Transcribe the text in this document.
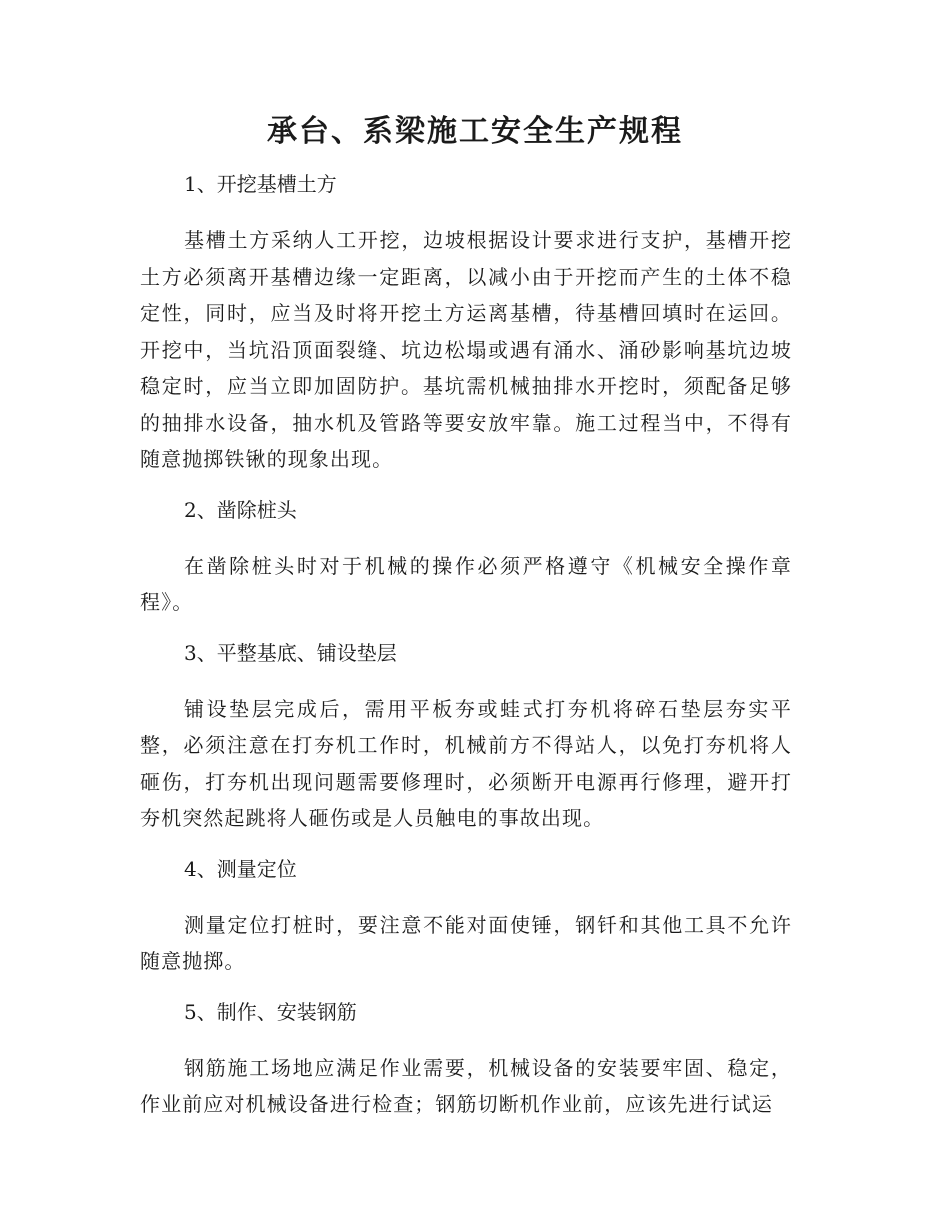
承台、系梁施工安全生产规程

1、开挖基槽土方

基槽土方采纳人工开挖，边坡根据设计要求进行支护，基槽开挖土方必须离开基槽边缘一定距离，以减小由于开挖而产生的土体不稳定性，同时，应当及时将开挖土方运离基槽，待基槽回填时在运回。开挖中，当坑沿顶面裂缝、坑边松塌或遇有涌水、涌砂影响基坑边坡稳定时，应当立即加固防护。基坑需机械抽排水开挖时，须配备足够的抽排水设备，抽水机及管路等要安放牢靠。施工过程当中，不得有随意抛掷铁锹的现象出现。

2、凿除桩头

在凿除桩头时对于机械的操作必须严格遵守《机械安全操作章程》。

3、平整基底、铺设垫层

铺设垫层完成后，需用平板夯或蛙式打夯机将碎石垫层夯实平整，必须注意在打夯机工作时，机械前方不得站人，以免打夯机将人砸伤，打夯机出现问题需要修理时，必须断开电源再行修理，避开打夯机突然起跳将人砸伤或是人员触电的事故出现。

4、测量定位

测量定位打桩时，要注意不能对面使锤，钢钎和其他工具不允许随意抛掷。

5、制作、安装钢筋

钢筋施工场地应满足作业需要，机械设备的安装要牢固、稳定，作业前应对机械设备进行检查；钢筋切断机作业前，应该先进行试运
